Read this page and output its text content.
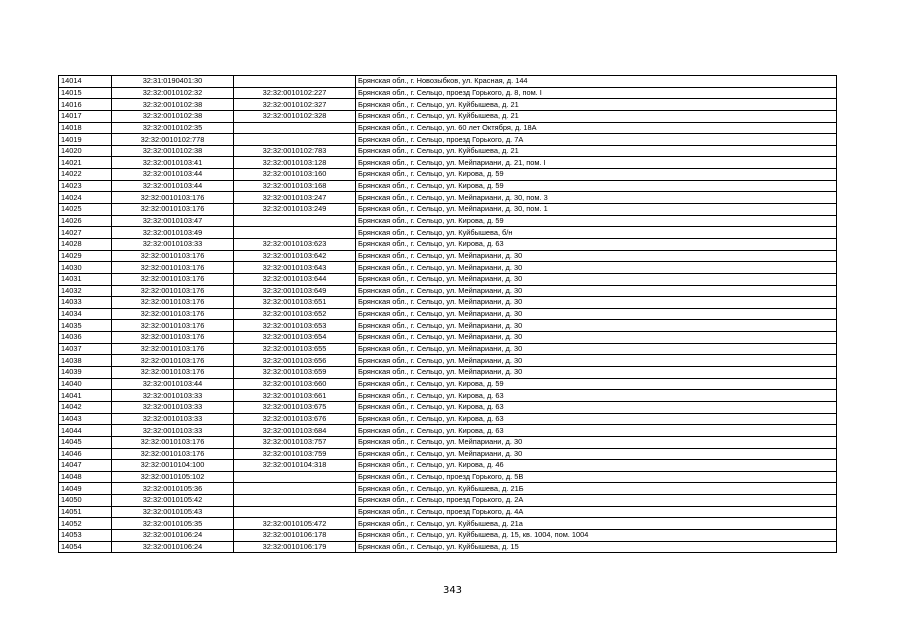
14014	32:31:0190401:30		Брянская обл., г. Новозыбков, ул. Красная, д. 144
14015	32:32:0010102:32	32:32:0010102:227	Брянская обл., г. Сельцо, проезд Горького, д. 8, пом. I
14016	32:32:0010102:38	32:32:0010102:327	Брянская обл., г. Сельцо, ул. Куйбышева, д. 21
14017	32:32:0010102:38	32:32:0010102:328	Брянская обл., г. Сельцо, ул. Куйбышева, д. 21
14018	32:32:0010102:35		Брянская обл., г. Сельцо, ул. 60 лет Октября, д. 18А
14019	32:32:0010102:778		Брянская обл., г. Сельцо, проезд Горького, д. 7А
14020	32:32:0010102:38	32:32:0010102:783	Брянская обл., г. Сельцо, ул. Куйбышева, д. 21
14021	32:32:0010103:41	32:32:0010103:128	Брянская обл., г. Сельцо, ул. Мейпариани, д. 21, пом. I
14022	32:32:0010103:44	32:32:0010103:160	Брянская обл., г. Сельцо, ул. Кирова, д. 59
14023	32:32:0010103:44	32:32:0010103:168	Брянская обл., г. Сельцо, ул. Кирова, д. 59
14024	32:32:0010103:176	32:32:0010103:247	Брянская обл., г. Сельцо, ул. Мейпариани, д. 30, пом. 3
14025	32:32:0010103:176	32:32:0010103:249	Брянская обл., г. Сельцо, ул. Мейпариани, д. 30, пом. 1
14026	32:32:0010103:47		Брянская обл., г. Сельцо, ул. Кирова, д. 59
14027	32:32:0010103:49		Брянская обл., г. Сельцо, ул. Куйбышева, б/н
14028	32:32:0010103:33	32:32:0010103:623	Брянская обл., г. Сельцо, ул. Кирова, д. 63
14029	32:32:0010103:176	32:32:0010103:642	Брянская обл., г. Сельцо, ул. Мейпариани, д. 30
14030	32:32:0010103:176	32:32:0010103:643	Брянская обл., г. Сельцо, ул. Мейпариани, д. 30
14031	32:32:0010103:176	32:32:0010103:644	Брянская обл., г. Сельцо, ул. Мейпариани, д. 30
14032	32:32:0010103:176	32:32:0010103:649	Брянская обл., г. Сельцо, ул. Мейпариани, д. 30
14033	32:32:0010103:176	32:32:0010103:651	Брянская обл., г. Сельцо, ул. Мейпариани, д. 30
14034	32:32:0010103:176	32:32:0010103:652	Брянская обл., г. Сельцо, ул. Мейпариани, д. 30
14035	32:32:0010103:176	32:32:0010103:653	Брянская обл., г. Сельцо, ул. Мейпариани, д. 30
14036	32:32:0010103:176	32:32:0010103:654	Брянская обл., г. Сельцо, ул. Мейпариани, д. 30
14037	32:32:0010103:176	32:32:0010103:655	Брянская обл., г. Сельцо, ул. Мейпариани, д. 30
14038	32:32:0010103:176	32:32:0010103:656	Брянская обл., г. Сельцо, ул. Мейпариани, д. 30
14039	32:32:0010103:176	32:32:0010103:659	Брянская обл., г. Сельцо, ул. Мейпариани, д. 30
14040	32:32:0010103:44	32:32:0010103:660	Брянская обл., г. Сельцо, ул. Кирова, д. 59
14041	32:32:0010103:33	32:32:0010103:661	Брянская обл., г. Сельцо, ул. Кирова, д. 63
14042	32:32:0010103:33	32:32:0010103:675	Брянская обл., г. Сельцо, ул. Кирова, д. 63
14043	32:32:0010103:33	32:32:0010103:676	Брянская обл., г. Сельцо, ул. Кирова, д. 63
14044	32:32:0010103:33	32:32:0010103:684	Брянская обл., г. Сельцо, ул. Кирова, д. 63
14045	32:32:0010103:176	32:32:0010103:757	Брянская обл., г. Сельцо, ул. Мейпариани, д. 30
14046	32:32:0010103:176	32:32:0010103:759	Брянская обл., г. Сельцо, ул. Мейпариани, д. 30
14047	32:32:0010104:100	32:32:0010104:318	Брянская обл., г. Сельцо, ул. Кирова, д. 46
14048	32:32:0010105:102		Брянская обл., г. Сельцо, проезд Горького, д. 5В
14049	32:32:0010105:36		Брянская обл., г. Сельцо, ул. Куйбышева, д. 21Б
14050	32:32:0010105:42		Брянская обл., г. Сельцо, проезд Горького, д. 2А
14051	32:32:0010105:43		Брянская обл., г. Сельцо, проезд Горького, д. 4А
14052	32:32:0010105:35	32:32:0010105:472	Брянская обл., г. Сельцо, ул. Куйбышева, д. 21а
14053	32:32:0010106:24	32:32:0010106:178	Брянская обл., г. Сельцо, ул. Куйбышева, д. 15, кв. 1004, пом. 1004
14054	32:32:0010106:24	32:32:0010106:179	Брянская обл., г. Сельцо, ул. Куйбышева, д. 15
343
